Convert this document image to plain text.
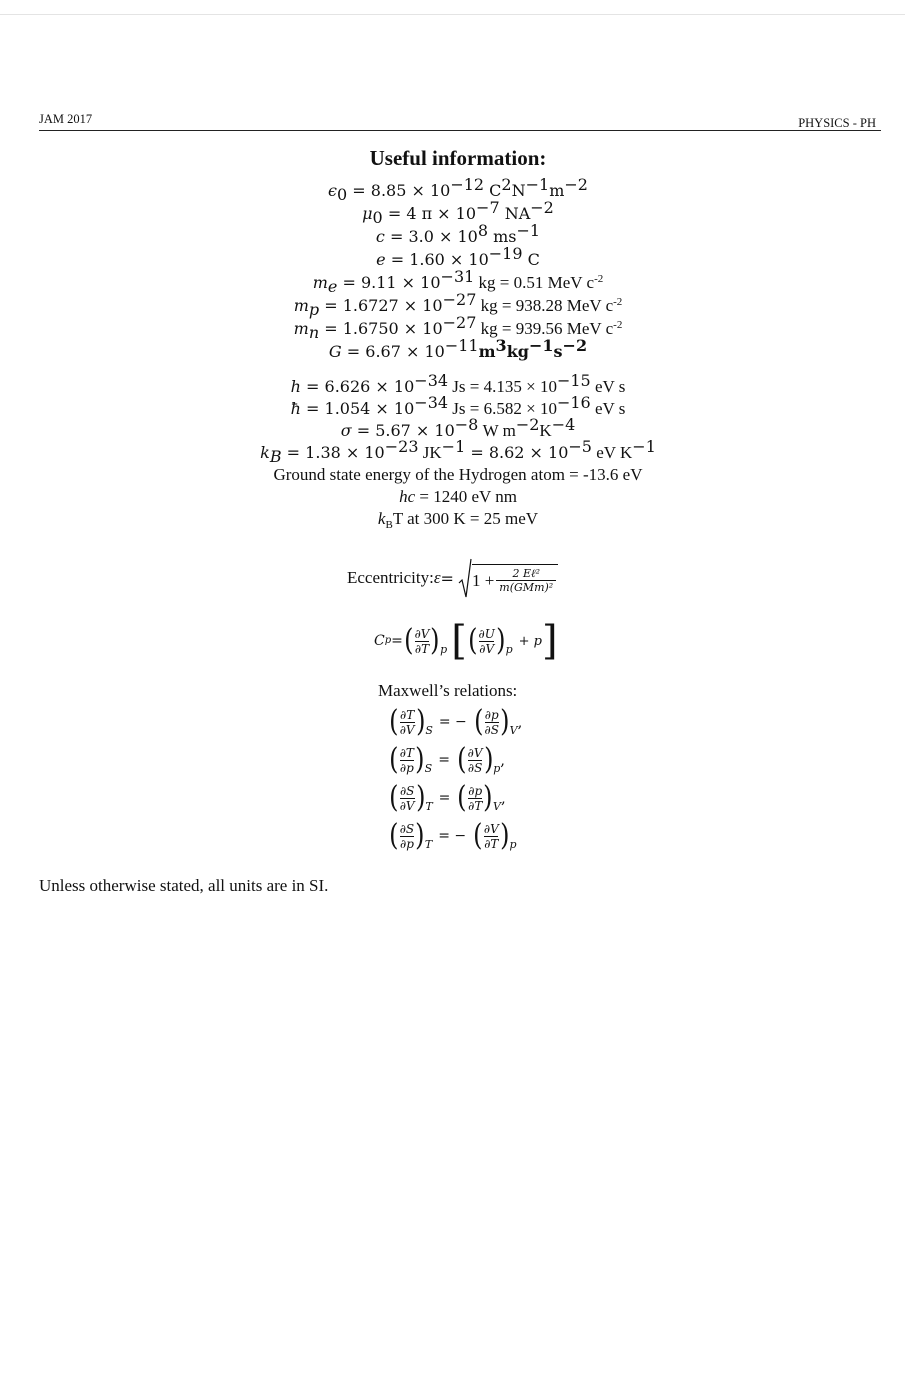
JAM 2017	PHYSICS - PH
Useful information:
$\epsilon_0 = 8.85 \times 10^{-12}$ $C^2N^{-1}m^{-2}$
$\mu_0 = 4$ $\pi \times 10^{-7}$ $NA^{-2}$
$c = 3.0 \times 10^8$ $ms^{-1}$
$e = 1.60 \times 10^{-19}$ C
$m_e = 9.11 \times 10^{-31}$ kg = 0.51 MeV $c^{-2}$
$m_p = 1.6727 \times 10^{-27}$ kg = 938.28 MeV $c^{-2}$
$m_n = 1.6750 \times 10^{-27}$ kg = 939.56 MeV $c^{-2}$
$G = 6.67 \times 10^{-11}m^3kg^{-1}s^{-2}$
$h = 6.626 \times 10^{-34}$ $Js = 4.135 \times 10^{-15}$ eV s
ħ = $1.054 \times 10^{-34}$ $Js = 6.582 \times 10^{-16}$ eV s
$\sigma = 5.67 \times 10^{-8}$ W $m^{-2}K^{-4}$
$k_B = 1.38 \times 10^{-23}$ $JK^{-1} = 8.62 \times 10^{-5}$ eV $K^{-1}$
Ground state energy of the Hydrogen atom = -13.6 eV
hc = 1240 eV nm
$k_BT$ at 300 K = 25 meV
Eccentricity: $\varepsilon = 1 + \frac{\text{2 Eℓ²}}{\text{m(GMm)²}}$
C p = ( ∂V
∂T ) p [ ( ∂U
∂V ) p
+ p ]
Maxwell’s relations:
( ∂T
∂V ) S
= − ( ∂p
∂S ) V ,
( ∂T
∂p ) S
= ( ∂V
∂S ) p ,
( ∂S
∂V ) T
= ( ∂p
∂T ) V ,
( ∂S
∂p ) T
= − ( ∂V
∂T ) p
Unless otherwise stated, all units are in SI.
